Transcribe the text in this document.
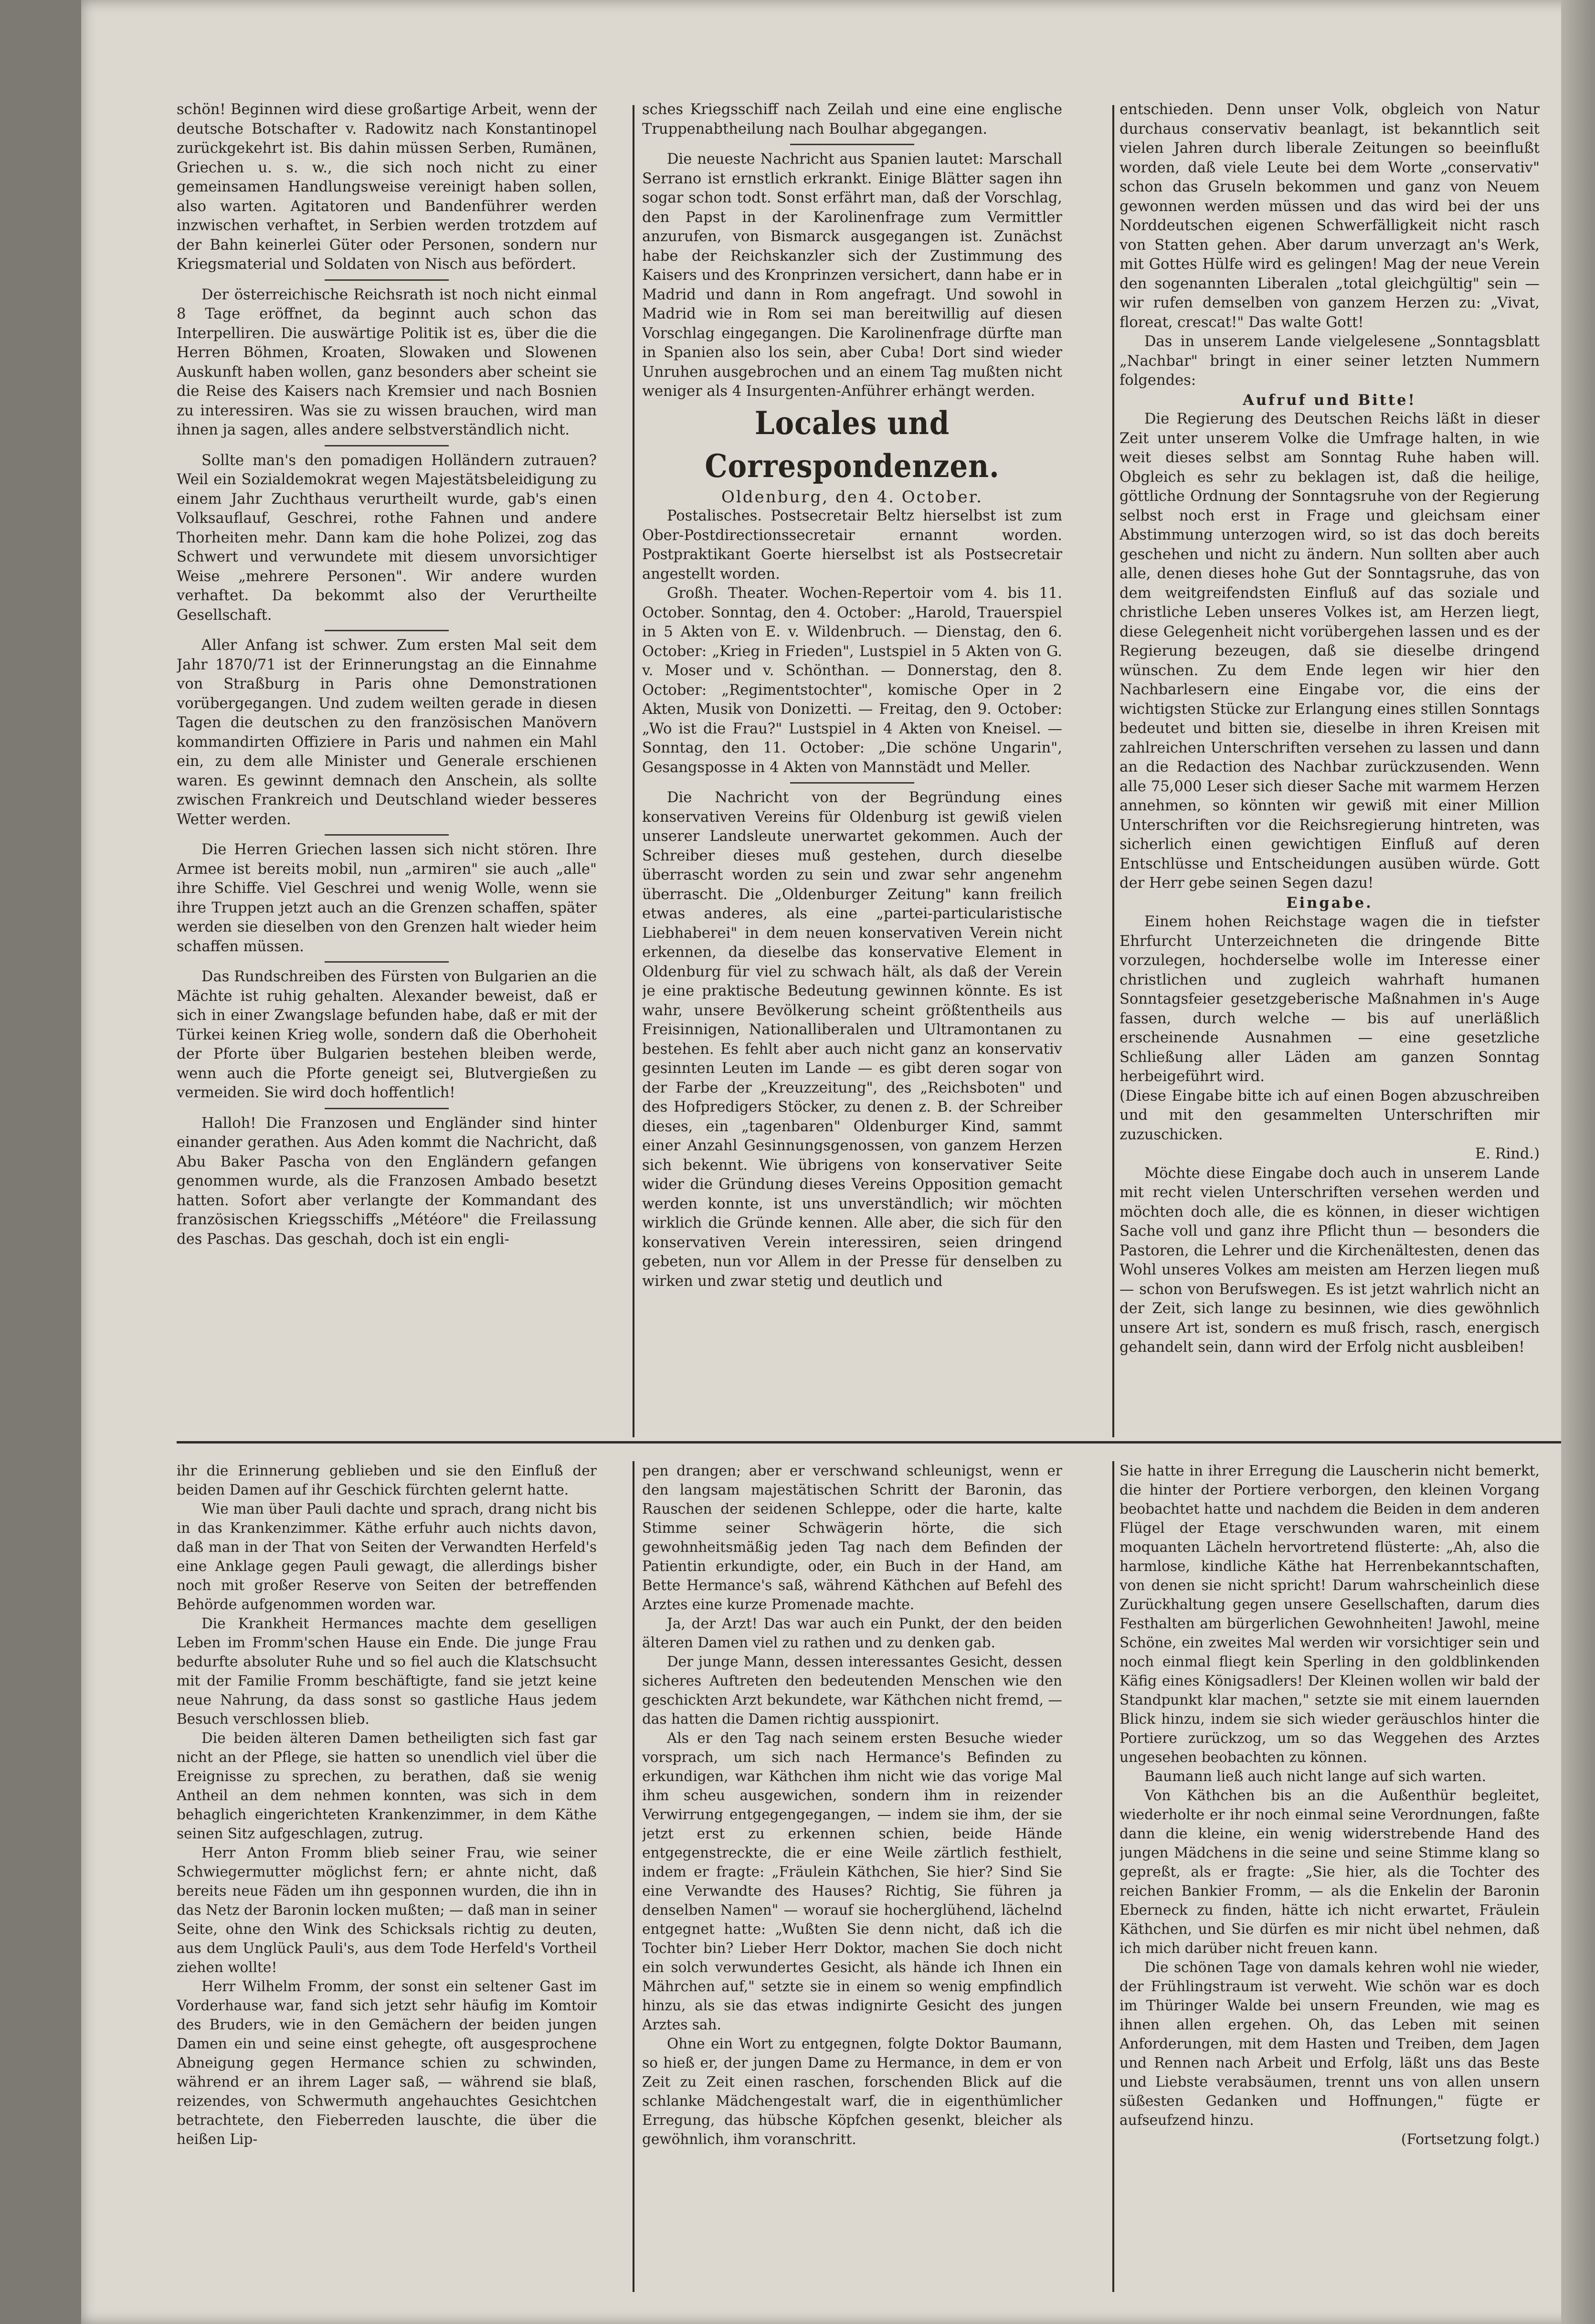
schön! Beginnen wird diese großartige Arbeit, wenn der deutsche Botschafter v. Radowitz nach Konstantinopel zurückgekehrt ist. Bis dahin müssen Serben, Rumänen, Griechen u. s. w., die sich noch nicht zu einer gemeinsamen Handlungsweise vereinigt haben sollen, also warten. Agitatoren und Bandenführer werden inzwischen verhaftet, in Serbien werden trotzdem auf der Bahn keinerlei Güter oder Personen, sondern nur Kriegsmaterial und Soldaten von Nisch aus befördert.

Der österreichische Reichsrath ist noch nicht einmal 8 Tage eröffnet, da beginnt auch schon das Interpelliren. Die auswärtige Politik ist es, über die die Herren Böhmen, Kroaten, Slowaken und Slowenen Auskunft haben wollen, ganz besonders aber scheint sie die Reise des Kaisers nach Kremsier und nach Bosnien zu interessiren. Was sie zu wissen brauchen, wird man ihnen ja sagen, alles andere selbstverständlich nicht.

Sollte man's den pomadigen Holländern zutrauen? Weil ein Sozialdemokrat wegen Majestätsbeleidigung zu einem Jahr Zuchthaus verurtheilt wurde, gab's einen Volksauflauf, Geschrei, rothe Fahnen und andere Thorheiten mehr. Dann kam die hohe Polizei, zog das Schwert und verwundete mit diesem unvorsichtiger Weise „mehrere Personen". Wir andere wurden verhaftet. Da bekommt also der Verurtheilte Gesellschaft.

Aller Anfang ist schwer. Zum ersten Mal seit dem Jahr 1870/71 ist der Erinnerungstag an die Einnahme von Straßburg in Paris ohne Demonstrationen vorübergegangen. Und zudem weilten gerade in diesen Tagen die deutschen zu den französischen Manövern kommandirten Offiziere in Paris und nahmen ein Mahl ein, zu dem alle Minister und Generale erschienen waren. Es gewinnt demnach den Anschein, als sollte zwischen Frankreich und Deutschland wieder besseres Wetter werden.

Die Herren Griechen lassen sich nicht stören. Ihre Armee ist bereits mobil, nun „armiren" sie auch „alle" ihre Schiffe. Viel Geschrei und wenig Wolle, wenn sie ihre Truppen jetzt auch an die Grenzen schaffen, später werden sie dieselben von den Grenzen halt wieder heim schaffen müssen.

Das Rundschreiben des Fürsten von Bulgarien an die Mächte ist ruhig gehalten. Alexander beweist, daß er sich in einer Zwangslage befunden habe, daß er mit der Türkei keinen Krieg wolle, sondern daß die Oberhoheit der Pforte über Bulgarien bestehen bleiben werde, wenn auch die Pforte geneigt sei, Blutvergießen zu vermeiden. Sie wird doch hoffentlich!

Halloh! Die Franzosen und Engländer sind hinter einander gerathen. Aus Aden kommt die Nachricht, daß Abu Baker Pascha von den Engländern gefangen genommen wurde, als die Franzosen Ambado besetzt hatten. Sofort aber verlangte der Kommandant des französischen Kriegsschiffs „Météore" die Freilassung des Paschas. Das geschah, doch ist ein engli-

sches Kriegsschiff nach Zeilah und eine eine englische Truppenabtheilung nach Boulhar abgegangen.

Die neueste Nachricht aus Spanien lautet: Marschall Serrano ist ernstlich erkrankt. Einige Blätter sagen ihn sogar schon todt. Sonst erfährt man, daß der Vorschlag, den Papst in der Karolinenfrage zum Vermittler anzurufen, von Bismarck ausgegangen ist. Zunächst habe der Reichskanzler sich der Zustimmung des Kaisers und des Kronprinzen versichert, dann habe er in Madrid und dann in Rom angefragt. Und sowohl in Madrid wie in Rom sei man bereitwillig auf diesen Vorschlag eingegangen. Die Karolinenfrage dürfte man in Spanien also los sein, aber Cuba! Dort sind wieder Unruhen ausgebrochen und an einem Tag mußten nicht weniger als 4 Insurgenten-Anführer erhängt werden.

Locales und Correspondenzen.

Oldenburg, den 4. October.

Postalisches. Postsecretair Beltz hierselbst ist zum Ober-Postdirectionssecretair ernannt worden. Postpraktikant Goerte hierselbst ist als Postsecretair angestellt worden.

Großh. Theater. Wochen-Repertoir vom 4. bis 11. October. Sonntag, den 4. October: „Harold, Trauerspiel in 5 Akten von E. v. Wildenbruch. — Dienstag, den 6. October: „Krieg in Frieden", Lustspiel in 5 Akten von G. v. Moser und v. Schönthan. — Donnerstag, den 8. October: „Regimentstochter", komische Oper in 2 Akten, Musik von Donizetti. — Freitag, den 9. October: „Wo ist die Frau?" Lustspiel in 4 Akten von Kneisel. — Sonntag, den 11. October: „Die schöne Ungarin", Gesangsposse in 4 Akten von Mannstädt und Meller.

Die Nachricht von der Begründung eines konservativen Vereins für Oldenburg ist gewiß vielen unserer Landsleute unerwartet gekommen. Auch der Schreiber dieses muß gestehen, durch dieselbe überrascht worden zu sein und zwar sehr angenehm überrascht. Die „Oldenburger Zeitung" kann freilich etwas anderes, als eine „partei-particularistische Liebhaberei" in dem neuen konservativen Verein nicht erkennen, da dieselbe das konservative Element in Oldenburg für viel zu schwach hält, als daß der Verein je eine praktische Bedeutung gewinnen könnte. Es ist wahr, unsere Bevölkerung scheint größtentheils aus Freisinnigen, Nationalliberalen und Ultramontanen zu bestehen. Es fehlt aber auch nicht ganz an konservativ gesinnten Leuten im Lande — es gibt deren sogar von der Farbe der „Kreuzzeitung", des „Reichsboten" und des Hofpredigers Stöcker, zu denen z. B. der Schreiber dieses, ein „tagenbaren" Oldenburger Kind, sammt einer Anzahl Gesinnungsgenossen, von ganzem Herzen sich bekennt. Wie übrigens von konservativer Seite wider die Gründung dieses Vereins Opposition gemacht werden konnte, ist uns unverständlich; wir möchten wirklich die Gründe kennen. Alle aber, die sich für den konservativen Verein interessiren, seien dringend gebeten, nun vor Allem in der Presse für denselben zu wirken und zwar stetig und deutlich und

entschieden. Denn unser Volk, obgleich von Natur durchaus conservativ beanlagt, ist bekanntlich seit vielen Jahren durch liberale Zeitungen so beeinflußt worden, daß viele Leute bei dem Worte „conservativ" schon das Gruseln bekommen und ganz von Neuem gewonnen werden müssen und das wird bei der uns Norddeutschen eigenen Schwerfälligkeit nicht rasch von Statten gehen. Aber darum unverzagt an's Werk, mit Gottes Hülfe wird es gelingen! Mag der neue Verein den sogenannten Liberalen „total gleichgültig" sein — wir rufen demselben von ganzem Herzen zu: „Vivat, floreat, crescat!" Das walte Gott!

Das in unserem Lande vielgelesene „Sonntagsblatt „Nachbar" bringt in einer seiner letzten Nummern folgendes:

Aufruf und Bitte!

Die Regierung des Deutschen Reichs läßt in dieser Zeit unter unserem Volke die Umfrage halten, in wie weit dieses selbst am Sonntag Ruhe haben will. Obgleich es sehr zu beklagen ist, daß die heilige, göttliche Ordnung der Sonntagsruhe von der Regierung selbst noch erst in Frage und gleichsam einer Abstimmung unterzogen wird, so ist das doch bereits geschehen und nicht zu ändern. Nun sollten aber auch alle, denen dieses hohe Gut der Sonntagsruhe, das von dem weitgreifendsten Einfluß auf das soziale und christliche Leben unseres Volkes ist, am Herzen liegt, diese Gelegenheit nicht vorübergehen lassen und es der Regierung bezeugen, daß sie dieselbe dringend wünschen. Zu dem Ende legen wir hier den Nachbarlesern eine Eingabe vor, die eins der wichtigsten Stücke zur Erlangung eines stillen Sonntags bedeutet und bitten sie, dieselbe in ihren Kreisen mit zahlreichen Unterschriften versehen zu lassen und dann an die Redaction des Nachbar zurückzusenden. Wenn alle 75,000 Leser sich dieser Sache mit warmem Herzen annehmen, so könnten wir gewiß mit einer Million Unterschriften vor die Reichsregierung hintreten, was sicherlich einen gewichtigen Einfluß auf deren Entschlüsse und Entscheidungen ausüben würde. Gott der Herr gebe seinen Segen dazu!

Eingabe.

Einem hohen Reichstage wagen die in tiefster Ehrfurcht Unterzeichneten die dringende Bitte vorzulegen, hochderselbe wolle im Interesse einer christlichen und zugleich wahrhaft humanen Sonntagsfeier gesetzgeberische Maßnahmen in's Auge fassen, durch welche — bis auf unerläßlich erscheinende Ausnahmen — eine gesetzliche Schließung aller Läden am ganzen Sonntag herbeigeführt wird.

(Diese Eingabe bitte ich auf einen Bogen abzuschreiben und mit den gesammelten Unterschriften mir zuzuschicken.

E. Rind.)

Möchte diese Eingabe doch auch in unserem Lande mit recht vielen Unterschriften versehen werden und möchten doch alle, die es können, in dieser wichtigen Sache voll und ganz ihre Pflicht thun — besonders die Pastoren, die Lehrer und die Kirchenältesten, denen das Wohl unseres Volkes am meisten am Herzen liegen muß — schon von Berufswegen. Es ist jetzt wahrlich nicht an der Zeit, sich lange zu besinnen, wie dies gewöhnlich unsere Art ist, sondern es muß frisch, rasch, energisch gehandelt sein, dann wird der Erfolg nicht ausbleiben!

ihr die Erinnerung geblieben und sie den Einfluß der beiden Damen auf ihr Geschick fürchten gelernt hatte.

Wie man über Pauli dachte und sprach, drang nicht bis in das Krankenzimmer. Käthe erfuhr auch nichts davon, daß man in der That von Seiten der Verwandten Herfeld's eine Anklage gegen Pauli gewagt, die allerdings bisher noch mit großer Reserve von Seiten der betreffenden Behörde aufgenommen worden war.

Die Krankheit Hermances machte dem geselligen Leben im Fromm'schen Hause ein Ende. Die junge Frau bedurfte absoluter Ruhe und so fiel auch die Klatschsucht mit der Familie Fromm beschäftigte, fand sie jetzt keine neue Nahrung, da dass sonst so gastliche Haus jedem Besuch verschlossen blieb.

Die beiden älteren Damen betheiligten sich fast gar nicht an der Pflege, sie hatten so unendlich viel über die Ereignisse zu sprechen, zu berathen, daß sie wenig Antheil an dem nehmen konnten, was sich in dem behaglich eingerichteten Krankenzimmer, in dem Käthe seinen Sitz aufgeschlagen, zutrug.

Herr Anton Fromm blieb seiner Frau, wie seiner Schwiegermutter möglichst fern; er ahnte nicht, daß bereits neue Fäden um ihn gesponnen wurden, die ihn in das Netz der Baronin locken mußten; — daß man in seiner Seite, ohne den Wink des Schicksals richtig zu deuten, aus dem Unglück Pauli's, aus dem Tode Herfeld's Vortheil ziehen wollte!

Herr Wilhelm Fromm, der sonst ein seltener Gast im Vorderhause war, fand sich jetzt sehr häufig im Komtoir des Bruders, wie in den Gemächern der beiden jungen Damen ein und seine einst gehegte, oft ausgesprochene Abneigung gegen Hermance schien zu schwinden, während er an ihrem Lager saß, — während sie blaß, reizendes, von Schwermuth angehauchtes Gesichtchen betrachtete, den Fieberreden lauschte, die über die heißen Lip-

pen drangen; aber er verschwand schleunigst, wenn er den langsam majestätischen Schritt der Baronin, das Rauschen der seidenen Schleppe, oder die harte, kalte Stimme seiner Schwägerin hörte, die sich gewohnheitsmäßig jeden Tag nach dem Befinden der Patientin erkundigte, oder, ein Buch in der Hand, am Bette Hermance's saß, während Käthchen auf Befehl des Arztes eine kurze Promenade machte.

Ja, der Arzt! Das war auch ein Punkt, der den beiden älteren Damen viel zu rathen und zu denken gab.

Der junge Mann, dessen interessantes Gesicht, dessen sicheres Auftreten den bedeutenden Menschen wie den geschickten Arzt bekundete, war Käthchen nicht fremd, — das hatten die Damen richtig ausspionirt.

Als er den Tag nach seinem ersten Besuche wieder vorsprach, um sich nach Hermance's Befinden zu erkundigen, war Käthchen ihm nicht wie das vorige Mal ihm scheu ausgewichen, sondern ihm in reizender Verwirrung entgegengegangen, — indem sie ihm, der sie jetzt erst zu erkennen schien, beide Hände entgegenstreckte, die er eine Weile zärtlich festhielt, indem er fragte: „Fräulein Käthchen, Sie hier? Sind Sie eine Verwandte des Hauses? Richtig, Sie führen ja denselben Namen" — worauf sie hocherglühend, lächelnd entgegnet hatte: „Wußten Sie denn nicht, daß ich die Tochter bin? Lieber Herr Doktor, machen Sie doch nicht ein solch verwundertes Gesicht, als hände ich Ihnen ein Mährchen auf," setzte sie in einem so wenig empfindlich hinzu, als sie das etwas indignirte Gesicht des jungen Arztes sah.

Ohne ein Wort zu entgegnen, folgte Doktor Baumann, so hieß er, der jungen Dame zu Hermance, in dem er von Zeit zu Zeit einen raschen, forschenden Blick auf die schlanke Mädchengestalt warf, die in eigenthümlicher Erregung, das hübsche Köpfchen gesenkt, bleicher als gewöhnlich, ihm voranschritt.

Sie hatte in ihrer Erregung die Lauscherin nicht bemerkt, die hinter der Portiere verborgen, den kleinen Vorgang beobachtet hatte und nachdem die Beiden in dem anderen Flügel der Etage verschwunden waren, mit einem moquanten Lächeln hervortretend flüsterte: „Ah, also die harmlose, kindliche Käthe hat Herrenbekanntschaften, von denen sie nicht spricht! Darum wahrscheinlich diese Zurückhaltung gegen unsere Gesellschaften, darum dies Festhalten am bürgerlichen Gewohnheiten! Jawohl, meine Schöne, ein zweites Mal werden wir vorsichtiger sein und noch einmal fliegt kein Sperling in den goldblinkenden Käfig eines Königsadlers! Der Kleinen wollen wir bald der Standpunkt klar machen," setzte sie mit einem lauernden Blick hinzu, indem sie sich wieder geräuschlos hinter die Portiere zurückzog, um so das Weggehen des Arztes ungesehen beobachten zu können.

Baumann ließ auch nicht lange auf sich warten.

Von Käthchen bis an die Außenthür begleitet, wiederholte er ihr noch einmal seine Verordnungen, faßte dann die kleine, ein wenig widerstrebende Hand des jungen Mädchens in die seine und seine Stimme klang so gepreßt, als er fragte: „Sie hier, als die Tochter des reichen Bankier Fromm, — als die Enkelin der Baronin Eberneck zu finden, hätte ich nicht erwartet, Fräulein Käthchen, und Sie dürfen es mir nicht übel nehmen, daß ich mich darüber nicht freuen kann.

Die schönen Tage von damals kehren wohl nie wieder, der Frühlingstraum ist verweht. Wie schön war es doch im Thüringer Walde bei unsern Freunden, wie mag es ihnen allen ergehen. Oh, das Leben mit seinen Anforderungen, mit dem Hasten und Treiben, dem Jagen und Rennen nach Arbeit und Erfolg, läßt uns das Beste und Liebste verabsäumen, trennt uns von allen unsern süßesten Gedanken und Hoffnungen," fügte er aufseufzend hinzu.

(Fortsetzung folgt.)
